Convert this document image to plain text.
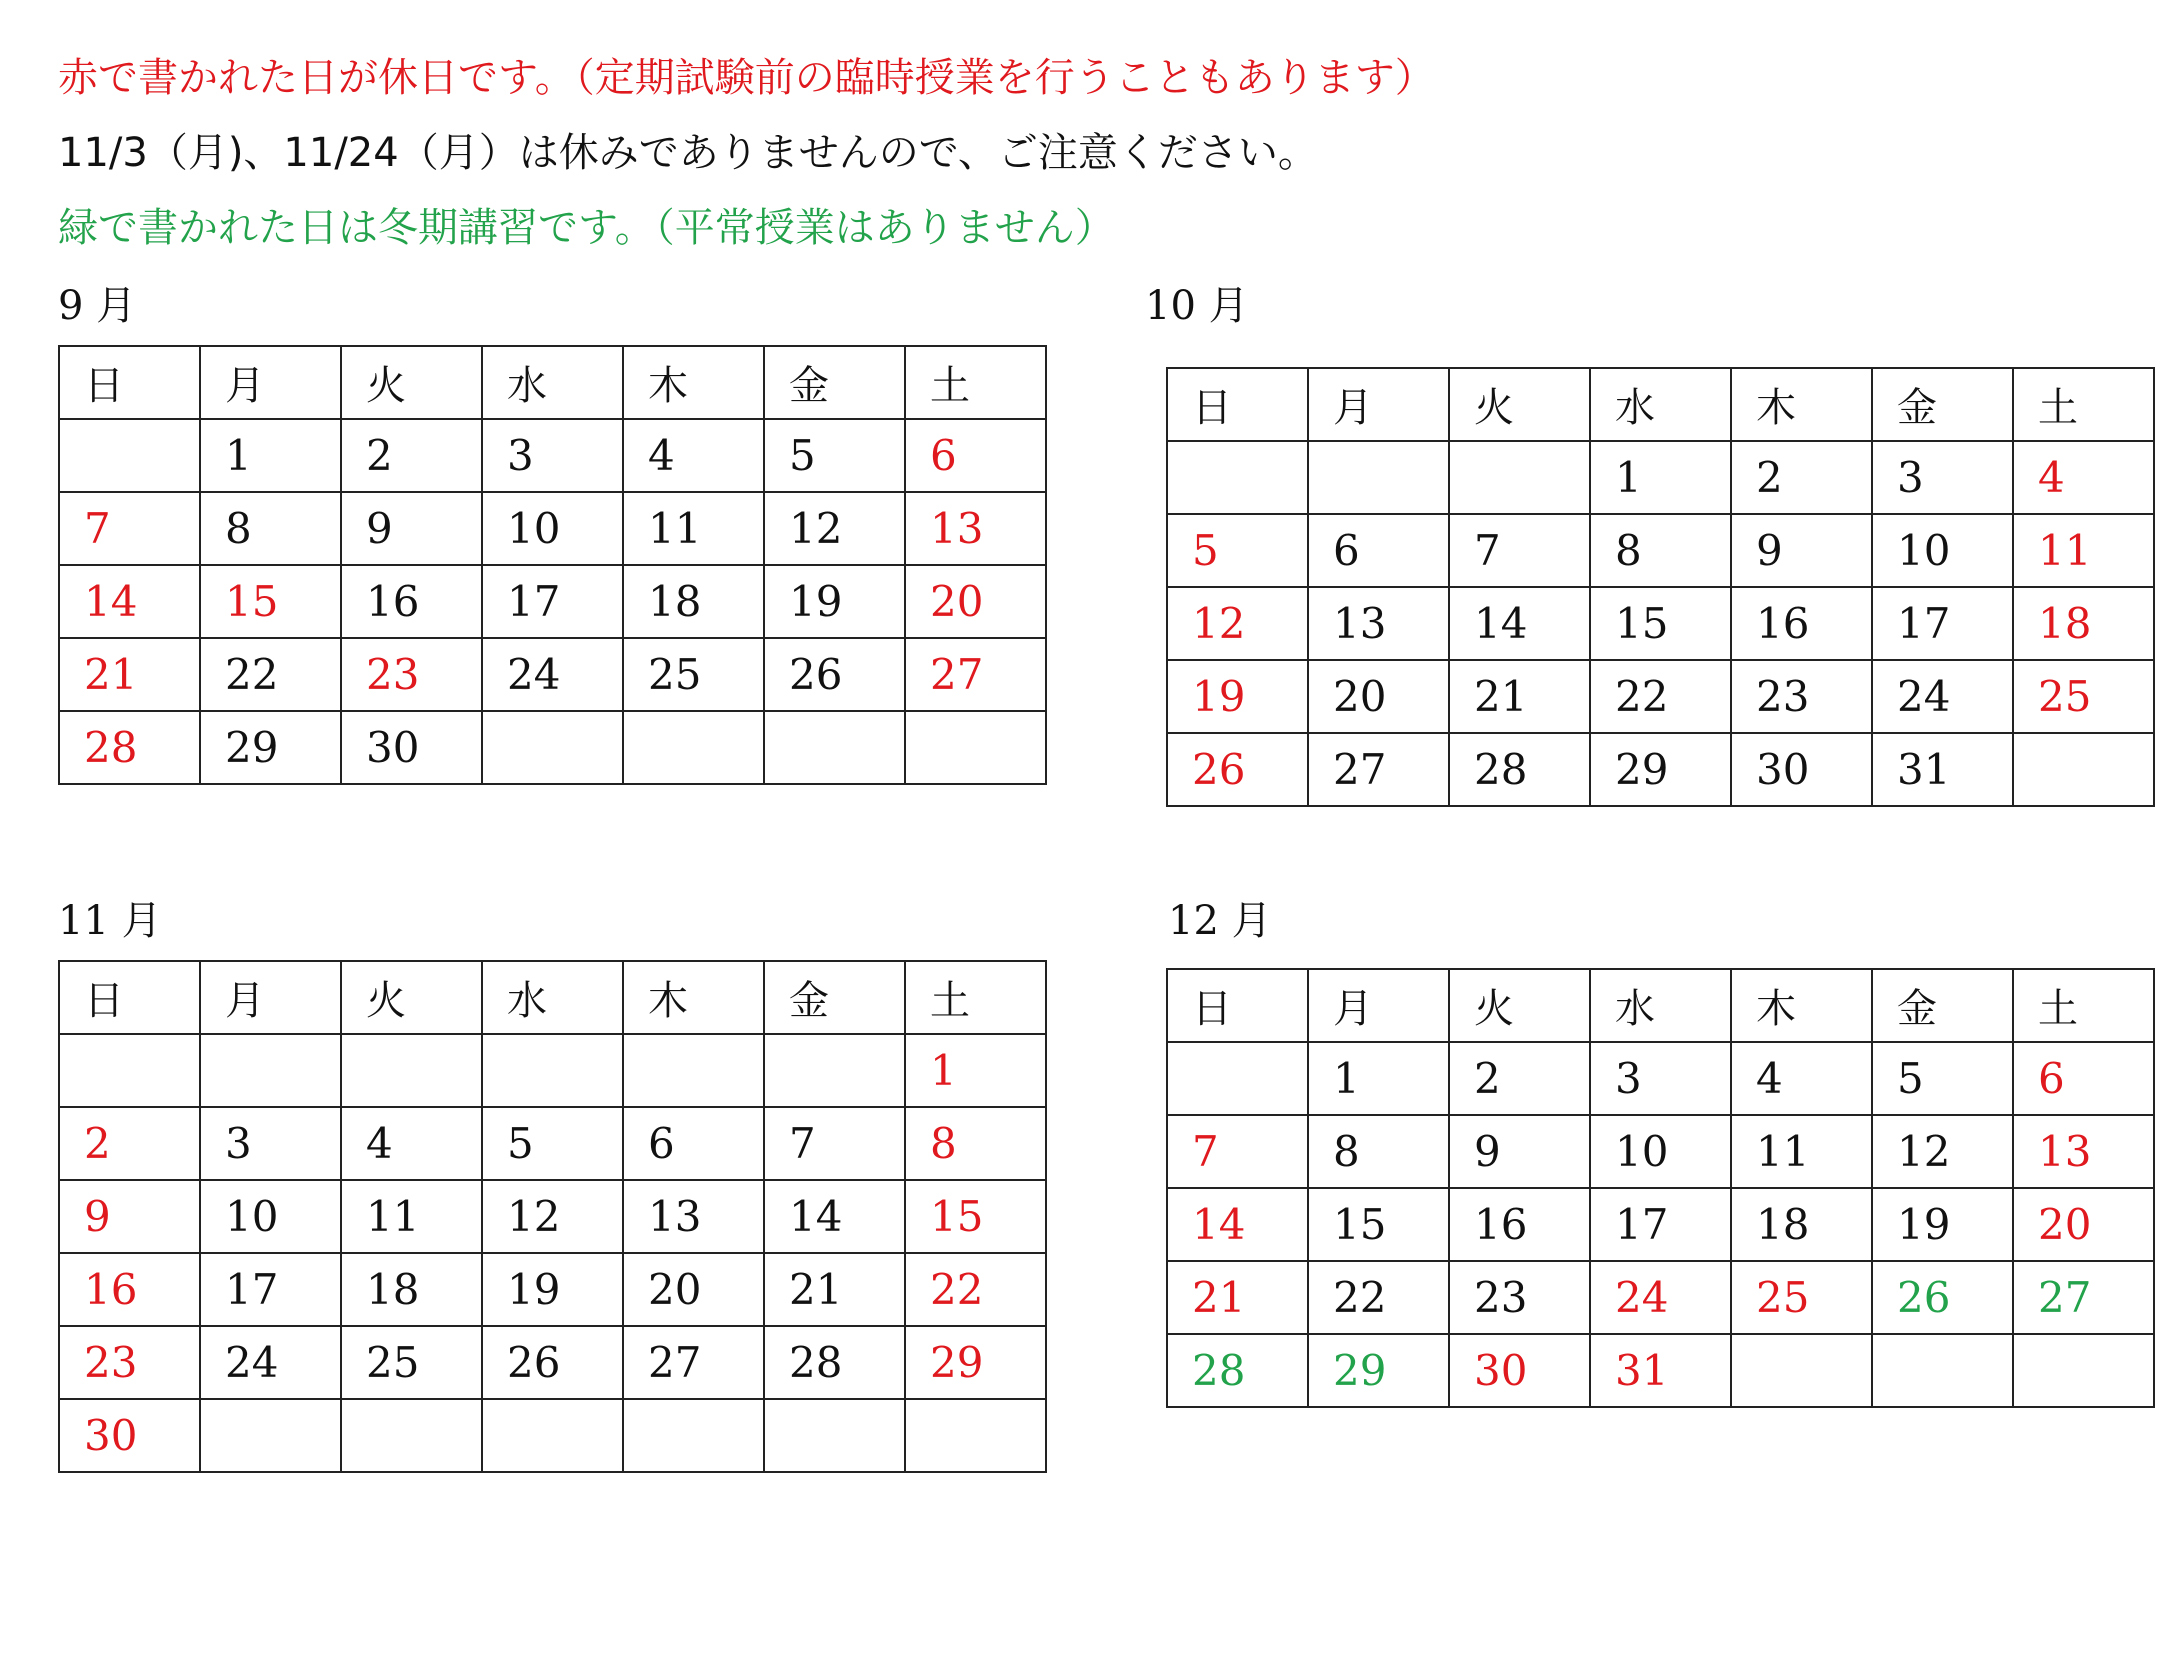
赤で書かれた日が休日です。（定期試験前の臨時授業を行うこともあります）
11/3（月)、11/24（月）は休みでありませんので、ご注意ください。
緑で書かれた日は冬期講習です。（平常授業はありません）
9 月
日	月	火	水	木	金	土
	1	2	3	4	5	6
7	8	9	10	11	12	13
14	15	16	17	18	19	20
21	22	23	24	25	26	27
28	29	30				
10 月
日	月	火	水	木	金	土
			1	2	3	4
5	6	7	8	9	10	11
12	13	14	15	16	17	18
19	20	21	22	23	24	25
26	27	28	29	30	31	
11 月
日	月	火	水	木	金	土
						1
2	3	4	5	6	7	8
9	10	11	12	13	14	15
16	17	18	19	20	21	22
23	24	25	26	27	28	29
30						
12 月
日	月	火	水	木	金	土
	1	2	3	4	5	6
7	8	9	10	11	12	13
14	15	16	17	18	19	20
21	22	23	24	25	26	27
28	29	30	31			
